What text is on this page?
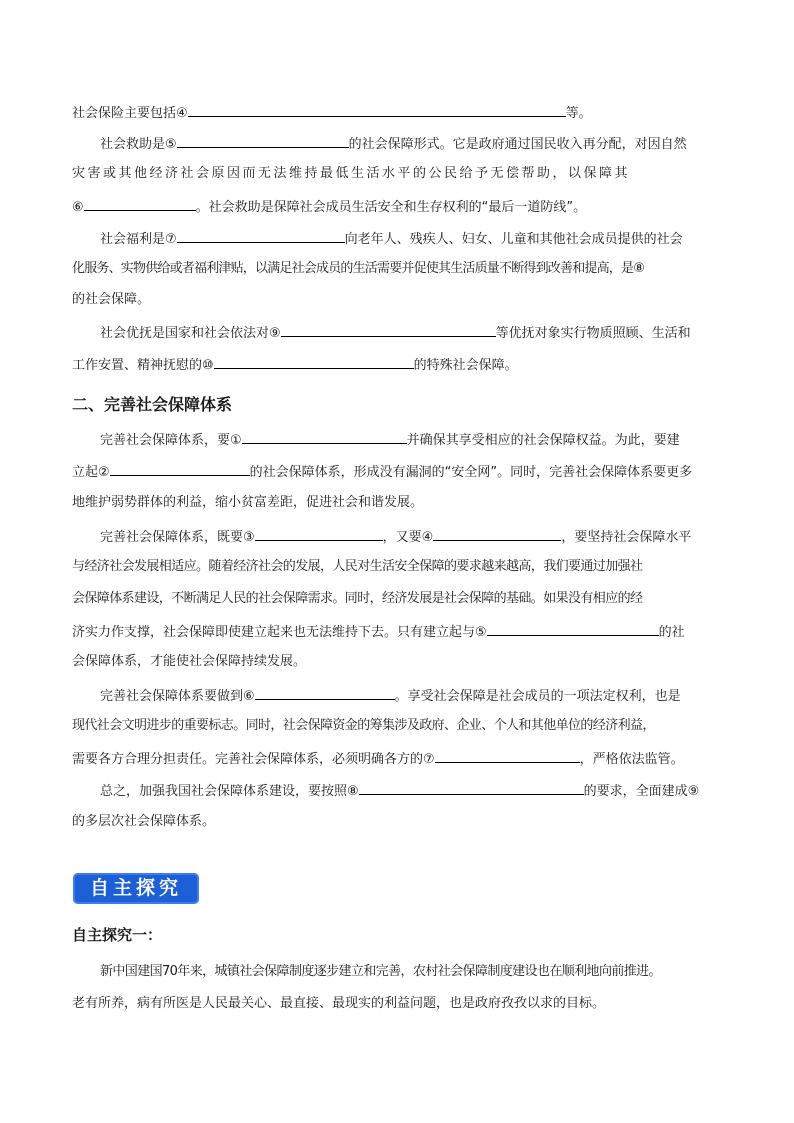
社会保险主要包括④	等。
社会救助是⑤	的社会保障形式。它是政府通过国民收入再分配，对因自然
灾害或其他经济社会原因而无法维持最低生活水平的公民给予无偿帮助，以保障其
⑥	。社会救助是保障社会成员生活安全和生存权利的“最后一道防线”。
社会福利是⑦	向老年人、残疾人、妇女、儿童和其他社会成员提供的社会
化服务、实物供给或者福利津贴，以满足社会成员的生活需要并促使其生活质量不断得到改善和提高，是⑧
的社会保障。
社会优抚是国家和社会依法对⑨	等优抚对象实行物质照顾、生活和
工作安置、精神抚慰的⑩	的特殊社会保障。
二、完善社会保障体系
完善社会保障体系，要①	并确保其享受相应的社会保障权益。为此，要建
立起②	的社会保障体系，形成没有漏洞的“安全网”。同时，完善社会保障体系要更多
地维护弱势群体的利益，缩小贫富差距，促进社会和谐发展。
完善社会保障体系，既要③	，又要④	，要坚持社会保障水平
与经济社会发展相适应。随着经济社会的发展，人民对生活安全保障的要求越来越高，我们要通过加强社
会保障体系建设，不断满足人民的社会保障需求。同时，经济发展是社会保障的基础。如果没有相应的经
济实力作支撑，社会保障即使建立起来也无法维持下去。只有建立起与⑤	的社
会保障体系，才能使社会保障持续发展。
完善社会保障体系要做到⑥	。享受社会保障是社会成员的一项法定权利，也是
现代社会文明进步的重要标志。同时，社会保障资金的筹集涉及政府、企业、个人和其他单位的经济利益，
需要各方合理分担责任。完善社会保障体系，必须明确各方的⑦	，严格依法监管。
总之，加强我国社会保障体系建设，要按照⑧	的要求，全面建成⑨
的多层次社会保障体系。
自主探究
自主探究一：
新中国建国70年来，城镇社会保障制度逐步建立和完善，农村社会保障制度建设也在顺利地向前推进。
老有所养，病有所医是人民最关心、最直接、最现实的利益问题，也是政府孜孜以求的目标。
